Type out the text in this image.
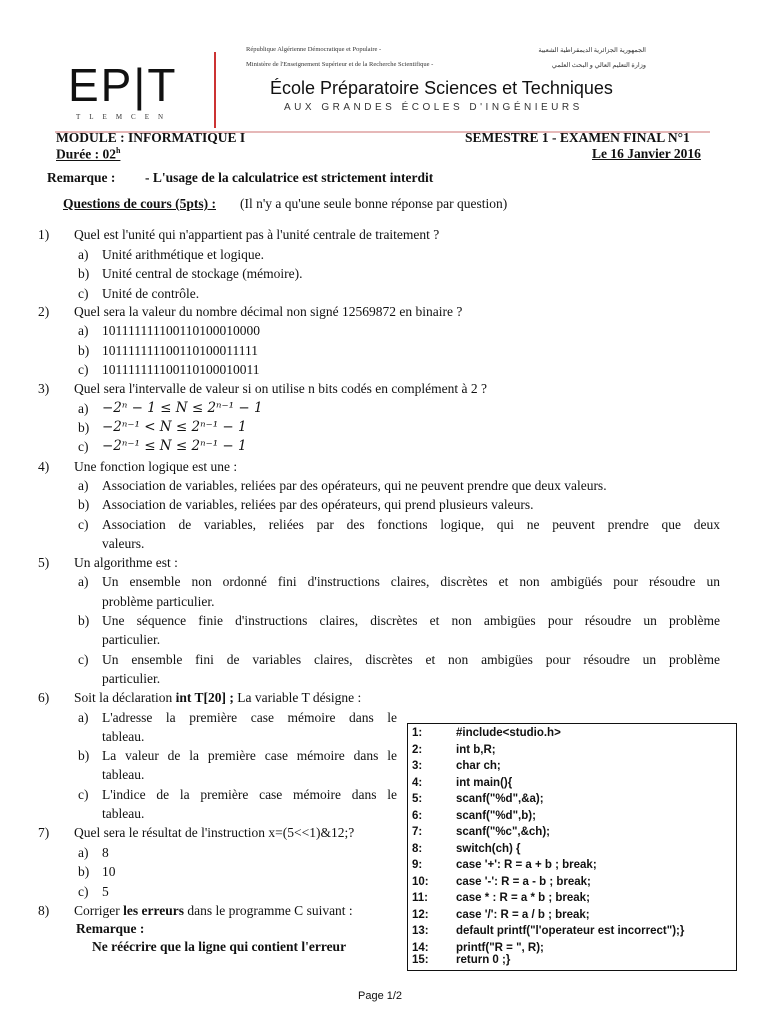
EP|T
TLEMCEN
République Algérienne Démocratique et Populaire -	الجمهورية الجزائرية الديمقراطية الشعبية
Ministère de l'Enseignement Supérieur et de la Recherche Scientifique -	وزارة التعليم العالي و البحث العلمي
École Préparatoire Sciences et Techniques
AUX GRANDES ÉCOLES D'INGÉNIEURS
MODULE : INFORMATIQUE I	SEMESTRE 1 - EXAMEN FINAL N°1
Durée : 02$^h$	Le 16 Janvier 2016
Remarque : - L'usage de la calculatrice est strictement interdit
Questions de cours (5pts) : (Il n'y a qu'une seule bonne réponse par question)
1) Quel est l'unité qui n'appartient pas à l'unité centrale de traitement ?
a) Unité arithmétique et logique.
b) Unité central de stockage (mémoire).
c) Unité de contrôle.
2) Quel sera la valeur du nombre décimal non signé 12569872 en binaire ?
a) 101111111100110100010000
b) 101111111100110100011111
c) 101111111100110100010011
3) Quel sera l'intervalle de valeur si on utilise n bits codés en complément à 2 ?
a) −2ⁿ − 1 ≤ N ≤ 2ⁿ⁻¹ − 1
b) −2ⁿ⁻¹ < N ≤ 2ⁿ⁻¹ − 1
c) −2ⁿ⁻¹ ≤ N ≤ 2ⁿ⁻¹ − 1
4) Une fonction logique est une :
a) Association de variables, reliées par des opérateurs, qui ne peuvent prendre que deux valeurs.
b) Association de variables, reliées par des opérateurs, qui prend plusieurs valeurs.
c) Association de variables, reliées par des fonctions logique, qui ne peuvent prendre que deux
valeurs.
5) Un algorithme est :
a) Un ensemble non ordonné fini d'instructions claires, discrètes et non ambigüés pour résoudre un
problème particulier.
b) Une séquence finie d'instructions claires, discrètes et non ambigües pour résoudre un problème
particulier.
c) Un ensemble fini de variables claires, discrètes et non ambigües pour résoudre un problème
particulier.
6) Soit la déclaration int T[20] ; La variable T désigne :
a) L'adresse la première case mémoire dans le
tableau.
b) La valeur de la première case mémoire dans le
tableau.
c) L'indice de la première case mémoire dans le
tableau.
7) Quel sera le résultat de l'instruction x=(5<<1)&12;?
a) 8
b) 10
c) 5
8) Corriger les erreurs dans le programme C suivant :
Remarque :
Ne réécrire que la ligne qui contient l'erreur
1:	#include<studio.h>
2:	int b,R;
3:	char ch;
4:	int main(){
5:	scanf("%d",&a);
6:	scanf("%d",b);
7:	scanf("%c",&ch);
8:	switch(ch) {
9:	case '+': R = a + b ; break;
10: case '-': R = a - b ; break;
11: case * : R = a * b ; break;
12: case '/': R = a / b ; break;
13: default printf("l'operateur est incorrect");}
14: printf("R = ", R);
15: return 0 ;}
Page 1/2
